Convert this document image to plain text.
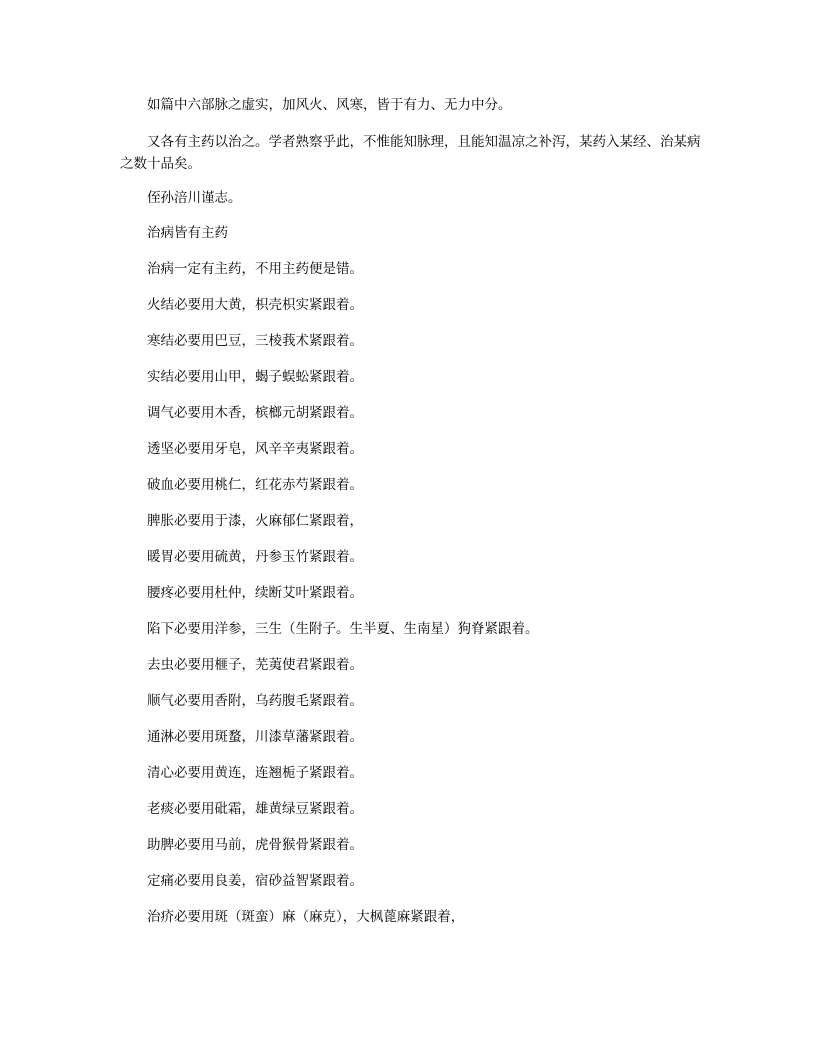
如篇中六部脉之虚实，加风火、风寒，皆于有力、无力中分。

又各有主药以治之。学者熟察乎此，不惟能知脉理，且能知温凉之补泻，某药入某经、治某病之数十品矣。

侄孙涪川谨志。

治病皆有主药

治病一定有主药，不用主药便是错。

火结必要用大黄，枳壳枳实紧跟着。

寒结必要用巴豆，三棱莪术紧跟着。

实结必要用山甲，蝎子蜈蚣紧跟着。

调气必要用木香，槟榔元胡紧跟着。

透坚必要用牙皂，风辛辛夷紧跟着。

破血必要用桃仁，红花赤芍紧跟着。

脾胀必要用于漆，火麻郁仁紧跟着，

暖胃必要用硫黄，丹参玉竹紧跟着。

腰疼必要用杜仲，续断艾叶紧跟着。

陷下必要用洋参，三生（生附子。生半夏、生南星）狗脊紧跟着。

去虫必要用榧子，芜荑使君紧跟着。

顺气必要用香附，乌药腹毛紧跟着。

通淋必要用斑蝥，川漆草藩紧跟着。

清心必要用黄连，连翘栀子紧跟着。

老痰必要用砒霜，雄黄绿豆紧跟着。

助脾必要用马前，虎骨猴骨紧跟着。

定痛必要用良姜，宿砂益智紧跟着。

治疥必要用斑（斑蛮）麻（麻克），大枫蓖麻紧跟着，
